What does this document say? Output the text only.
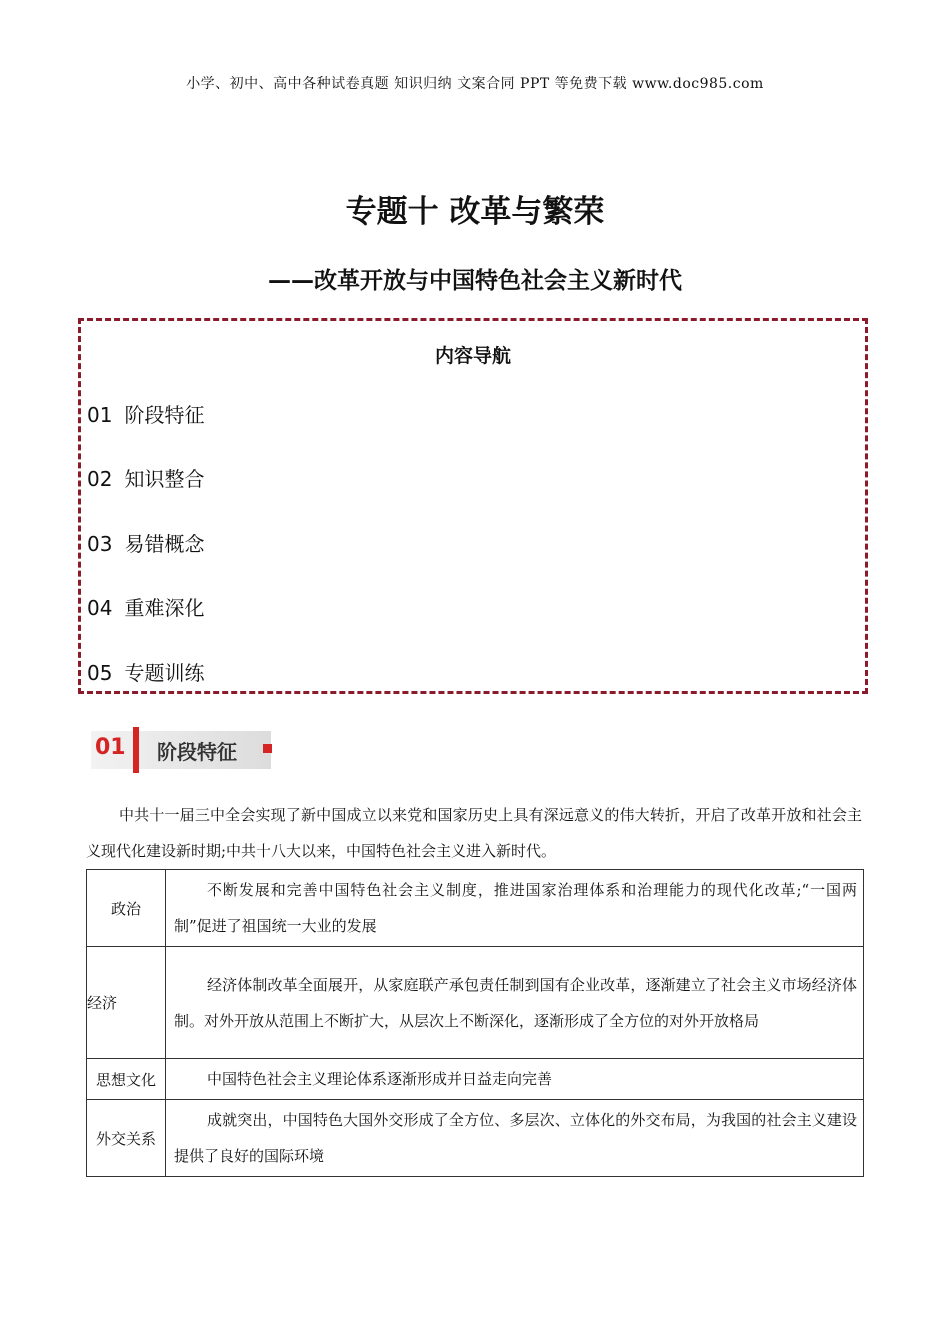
小学、初中、高中各种试卷真题 知识归纳 文案合同 PPT 等免费下载 www.doc985.com
专题十 改革与繁荣
——改革开放与中国特色社会主义新时代
内容导航
01 阶段特征
02 知识整合
03 易错概念
04 重难深化
05 专题训练
01 阶段特征
中共十一届三中全会实现了新中国成立以来党和国家历史上具有深远意义的伟大转折，开启了改革开放和社会主义现代化建设新时期;中共十八大以来，中国特色社会主义进入新时代。
政治	不断发展和完善中国特色社会主义制度，推进国家治理体系和治理能力的现代化改革;“一国两制”促进了祖国统一大业的发展
经济	经济体制改革全面展开，从家庭联产承包责任制到国有企业改革，逐渐建立了社会主义市场经济体制。对外开放从范围上不断扩大，从层次上不断深化，逐渐形成了全方位的对外开放格局
思想文化	中国特色社会主义理论体系逐渐形成并日益走向完善
外交关系	成就突出，中国特色大国外交形成了全方位、多层次、立体化的外交布局，为我国的社会主义建设提供了良好的国际环境
